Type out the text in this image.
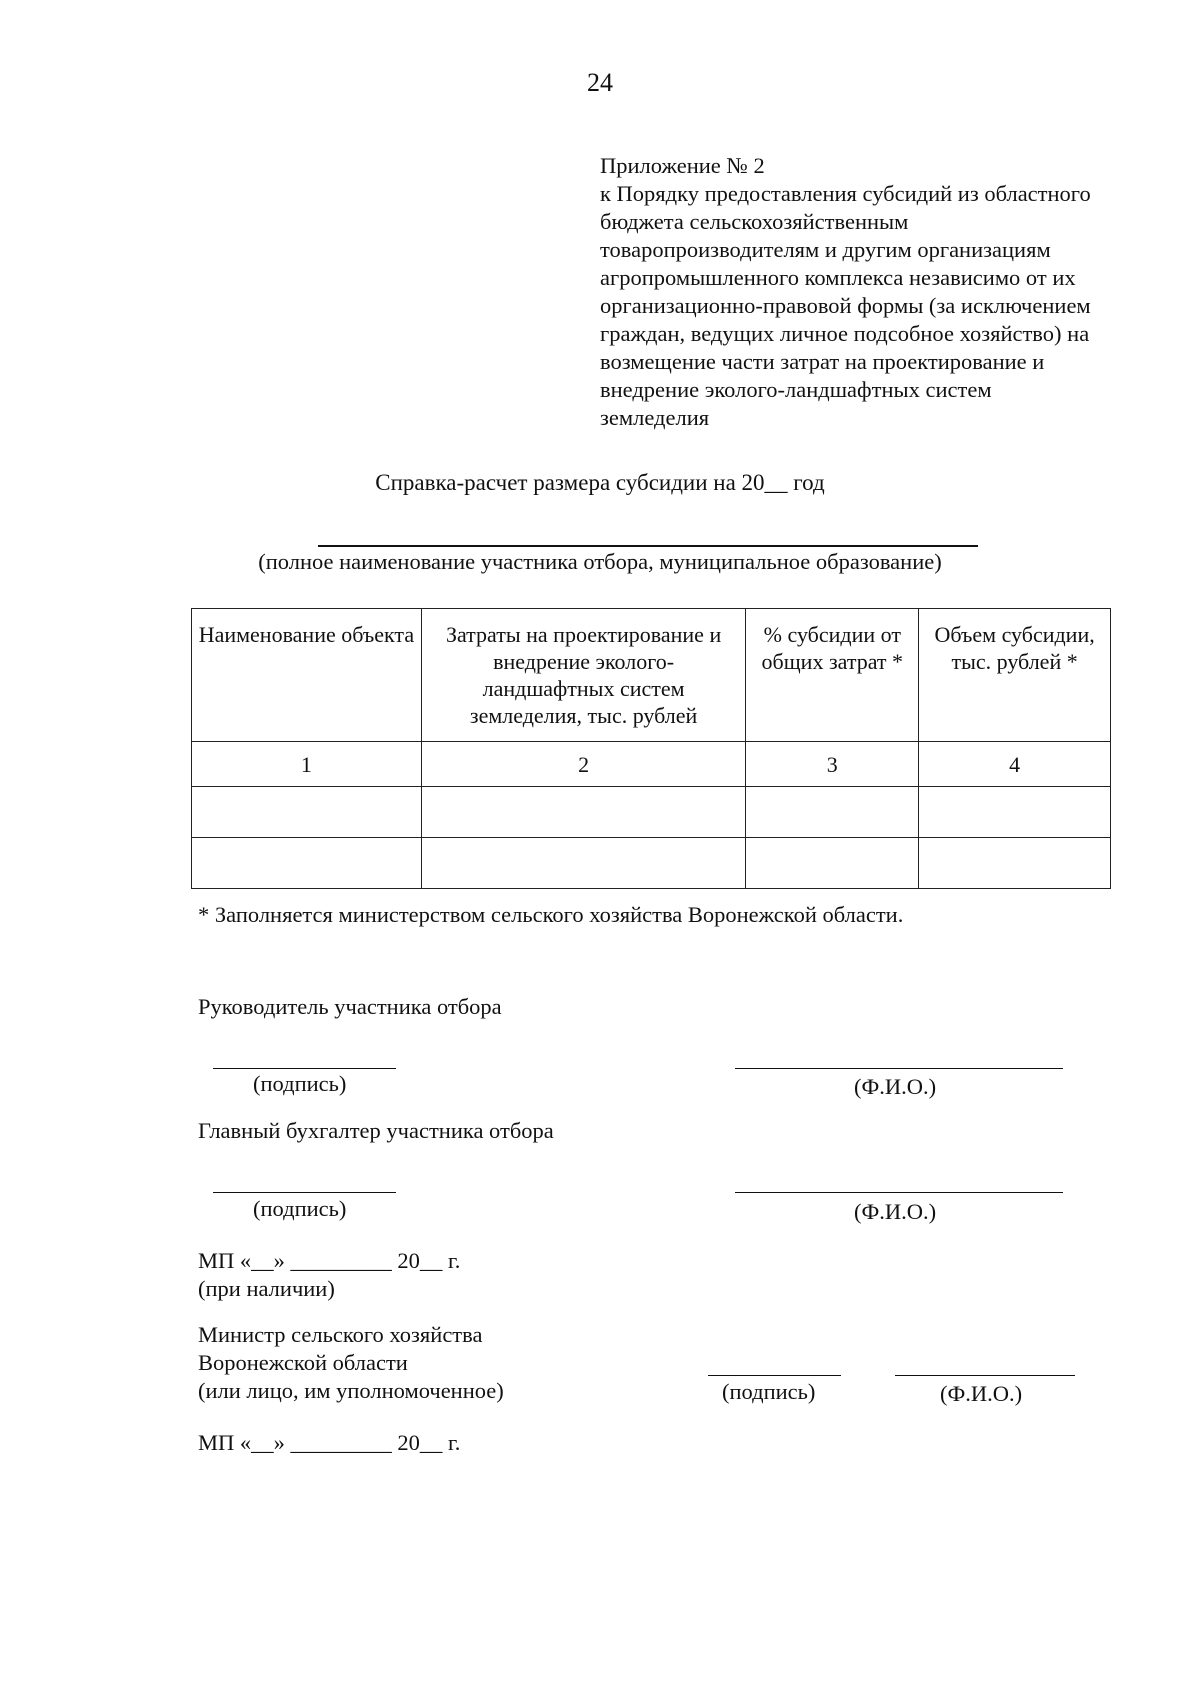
24
Приложение № 2
к Порядку предоставления субсидий из областного
бюджета сельскохозяйственным
товаропроизводителям и другим организациям
агропромышленного комплекса независимо от их
организационно-правовой формы (за исключением
граждан, ведущих личное подсобное хозяйство) на
возмещение части затрат на проектирование и
внедрение эколого-ландшафтных систем
земледелия
Справка-расчет размера субсидии на 20__ год
(полное наименование участника отбора, муниципальное образование)
Наименование объекта	Затраты на проектирование и внедрение эколого-ландшафтных систем земледелия, тыс. рублей	% субсидии от общих затрат *	Объем субсидии, тыс. рублей *
1	2	3	4

* Заполняется министерством сельского хозяйства Воронежской области.
Руководитель участника отбора
(подпись)	(Ф.И.О.)
Главный бухгалтер участника отбора
(подпись)	(Ф.И.О.)
МП «__» _________ 20__ г.
(при наличии)
Министр сельского хозяйства
Воронежской области
(или лицо, им уполномоченное)	(подпись)	(Ф.И.О.)
МП «__» _________ 20__ г.
